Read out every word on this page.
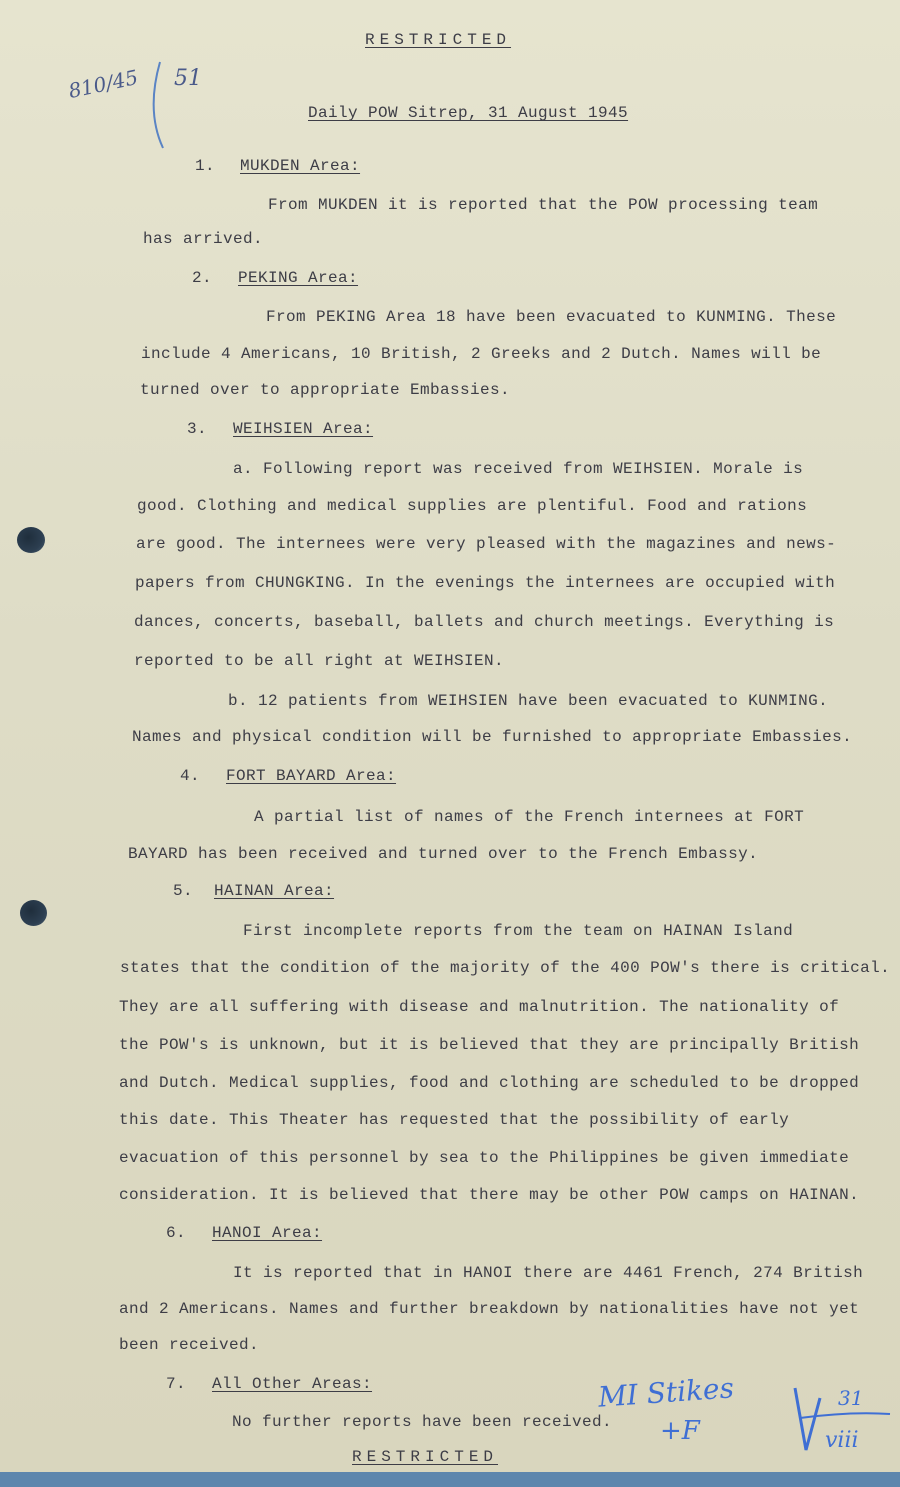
RESTRICTED
810/45 51
Daily POW Sitrep, 31 August 1945
1. MUKDEN Area:
From MUKDEN it is reported that the POW processing team
has arrived.
2. PEKING Area:
From PEKING Area 18 have been evacuated to KUNMING. These
include 4 Americans, 10 British, 2 Greeks and 2 Dutch. Names will be
turned over to appropriate Embassies.
3. WEIHSIEN Area:
a. Following report was received from WEIHSIEN. Morale is
good. Clothing and medical supplies are plentiful. Food and rations
are good. The internees were very pleased with the magazines and news-
papers from CHUNGKING. In the evenings the internees are occupied with
dances, concerts, baseball, ballets and church meetings. Everything is
reported to be all right at WEIHSIEN.
b. 12 patients from WEIHSIEN have been evacuated to KUNMING.
Names and physical condition will be furnished to appropriate Embassies.
4. FORT BAYARD Area:
A partial list of names of the French internees at FORT
BAYARD has been received and turned over to the French Embassy.
5. HAINAN Area:
First incomplete reports from the team on HAINAN Island
states that the condition of the majority of the 400 POW's there is critical.
They are all suffering with disease and malnutrition. The nationality of
the POW's is unknown, but it is believed that they are principally British
and Dutch. Medical supplies, food and clothing are scheduled to be dropped
this date. This Theater has requested that the possibility of early
evacuation of this personnel by sea to the Philippines be given immediate
consideration. It is believed that there may be other POW camps on HAINAN.
6. HANOI Area:
It is reported that in HANOI there are 4461 French, 274 British
and 2 Americans. Names and further breakdown by nationalities have not yet
been received.
7. All Other Areas:
No further reports have been received.
RESTRICTED
MI Stikes
+F
31
viii
